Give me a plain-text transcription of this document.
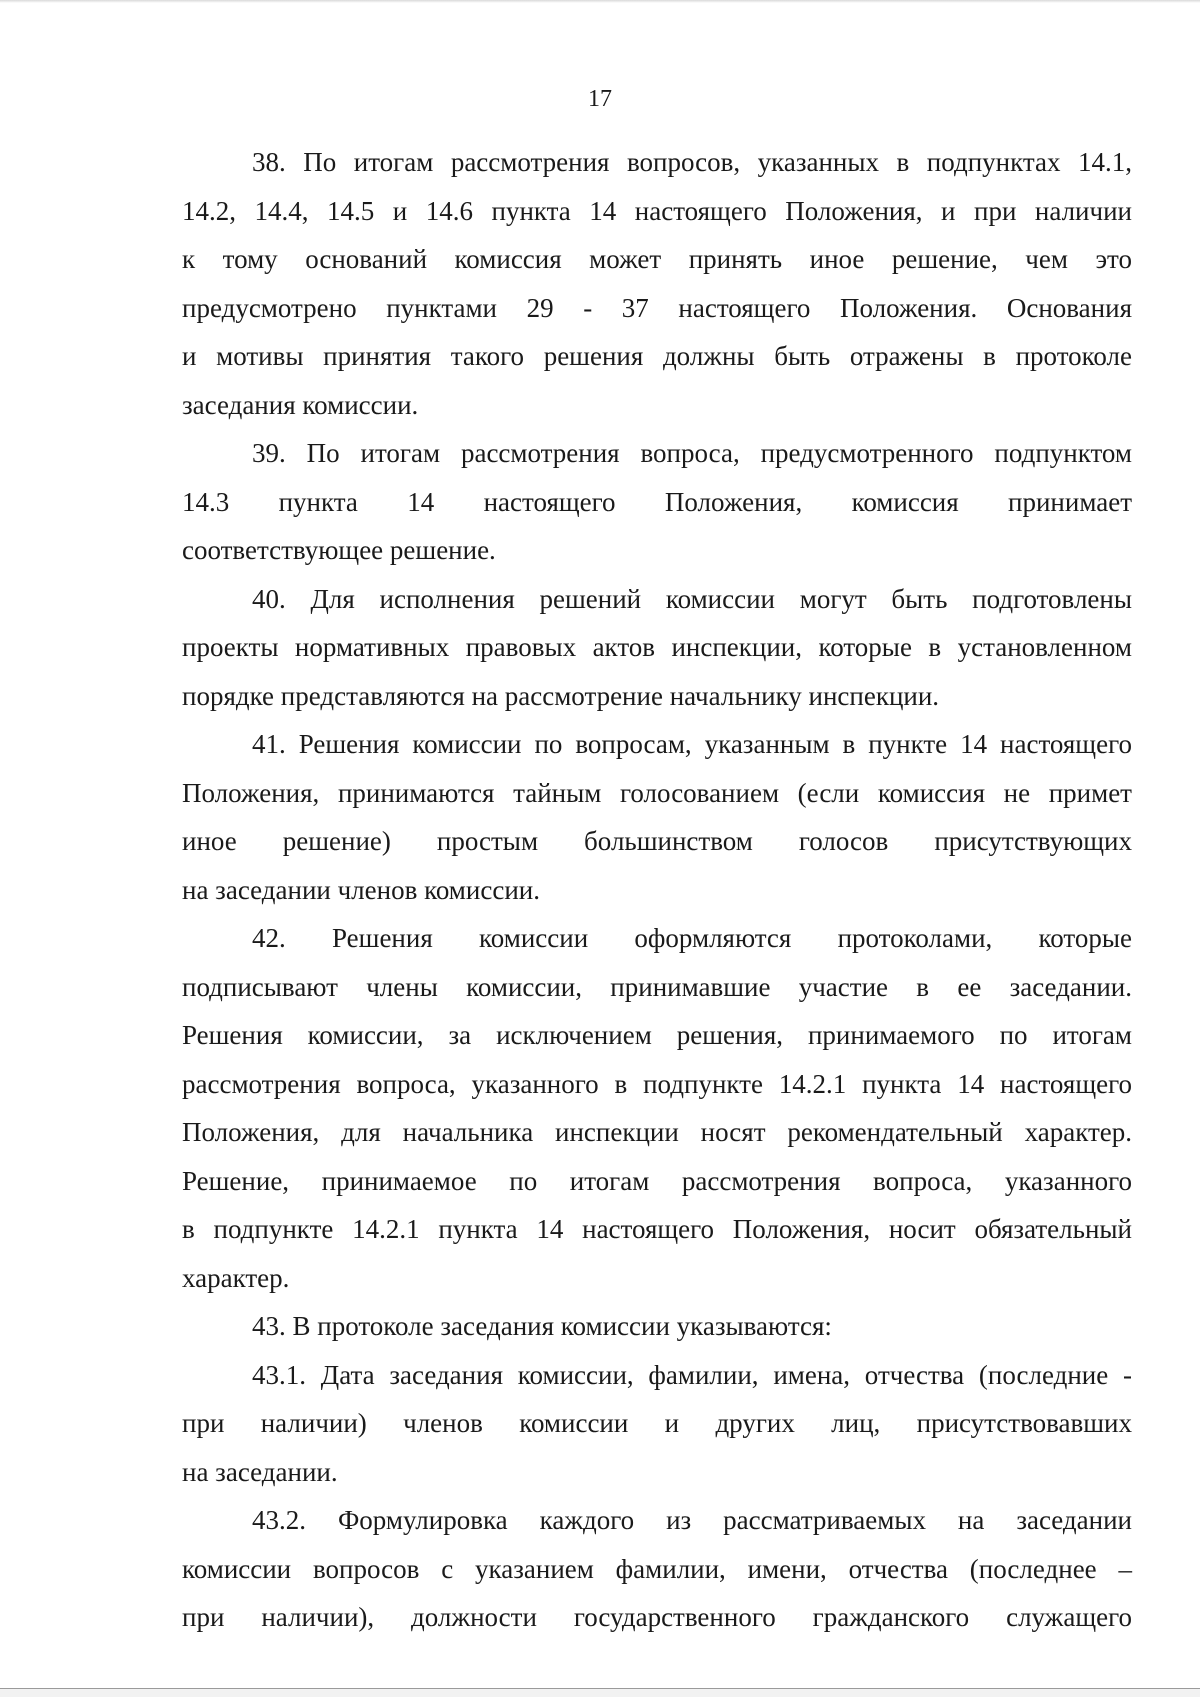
17
38. По итогам рассмотрения вопросов, указанных в подпунктах 14.1,
14.2, 14.4, 14.5 и 14.6 пункта 14 настоящего Положения, и при наличии
к тому оснований комиссия может принять иное решение, чем это
предусмотрено пунктами 29 - 37 настоящего Положения. Основания
и мотивы принятия такого решения должны быть отражены в протоколе
заседания комиссии.
39. По итогам рассмотрения вопроса, предусмотренного подпунктом
14.3 пункта 14 настоящего Положения, комиссия принимает
соответствующее решение.
40. Для исполнения решений комиссии могут быть подготовлены
проекты нормативных правовых актов инспекции, которые в установленном
порядке представляются на рассмотрение начальнику инспекции.
41. Решения комиссии по вопросам, указанным в пункте 14 настоящего
Положения, принимаются тайным голосованием (если комиссия не примет
иное решение) простым большинством голосов присутствующих
на заседании членов комиссии.
42. Решения комиссии оформляются протоколами, которые
подписывают члены комиссии, принимавшие участие в ее заседании.
Решения комиссии, за исключением решения, принимаемого по итогам
рассмотрения вопроса, указанного в подпункте 14.2.1 пункта 14 настоящего
Положения, для начальника инспекции носят рекомендательный характер.
Решение, принимаемое по итогам рассмотрения вопроса, указанного
в подпункте 14.2.1 пункта 14 настоящего Положения, носит обязательный
характер.
43. В протоколе заседания комиссии указываются:
43.1. Дата заседания комиссии, фамилии, имена, отчества (последние -
при наличии) членов комиссии и других лиц, присутствовавших
на заседании.
43.2. Формулировка каждого из рассматриваемых на заседании
комиссии вопросов с указанием фамилии, имени, отчества (последнее –
при наличии), должности государственного гражданского служащего
